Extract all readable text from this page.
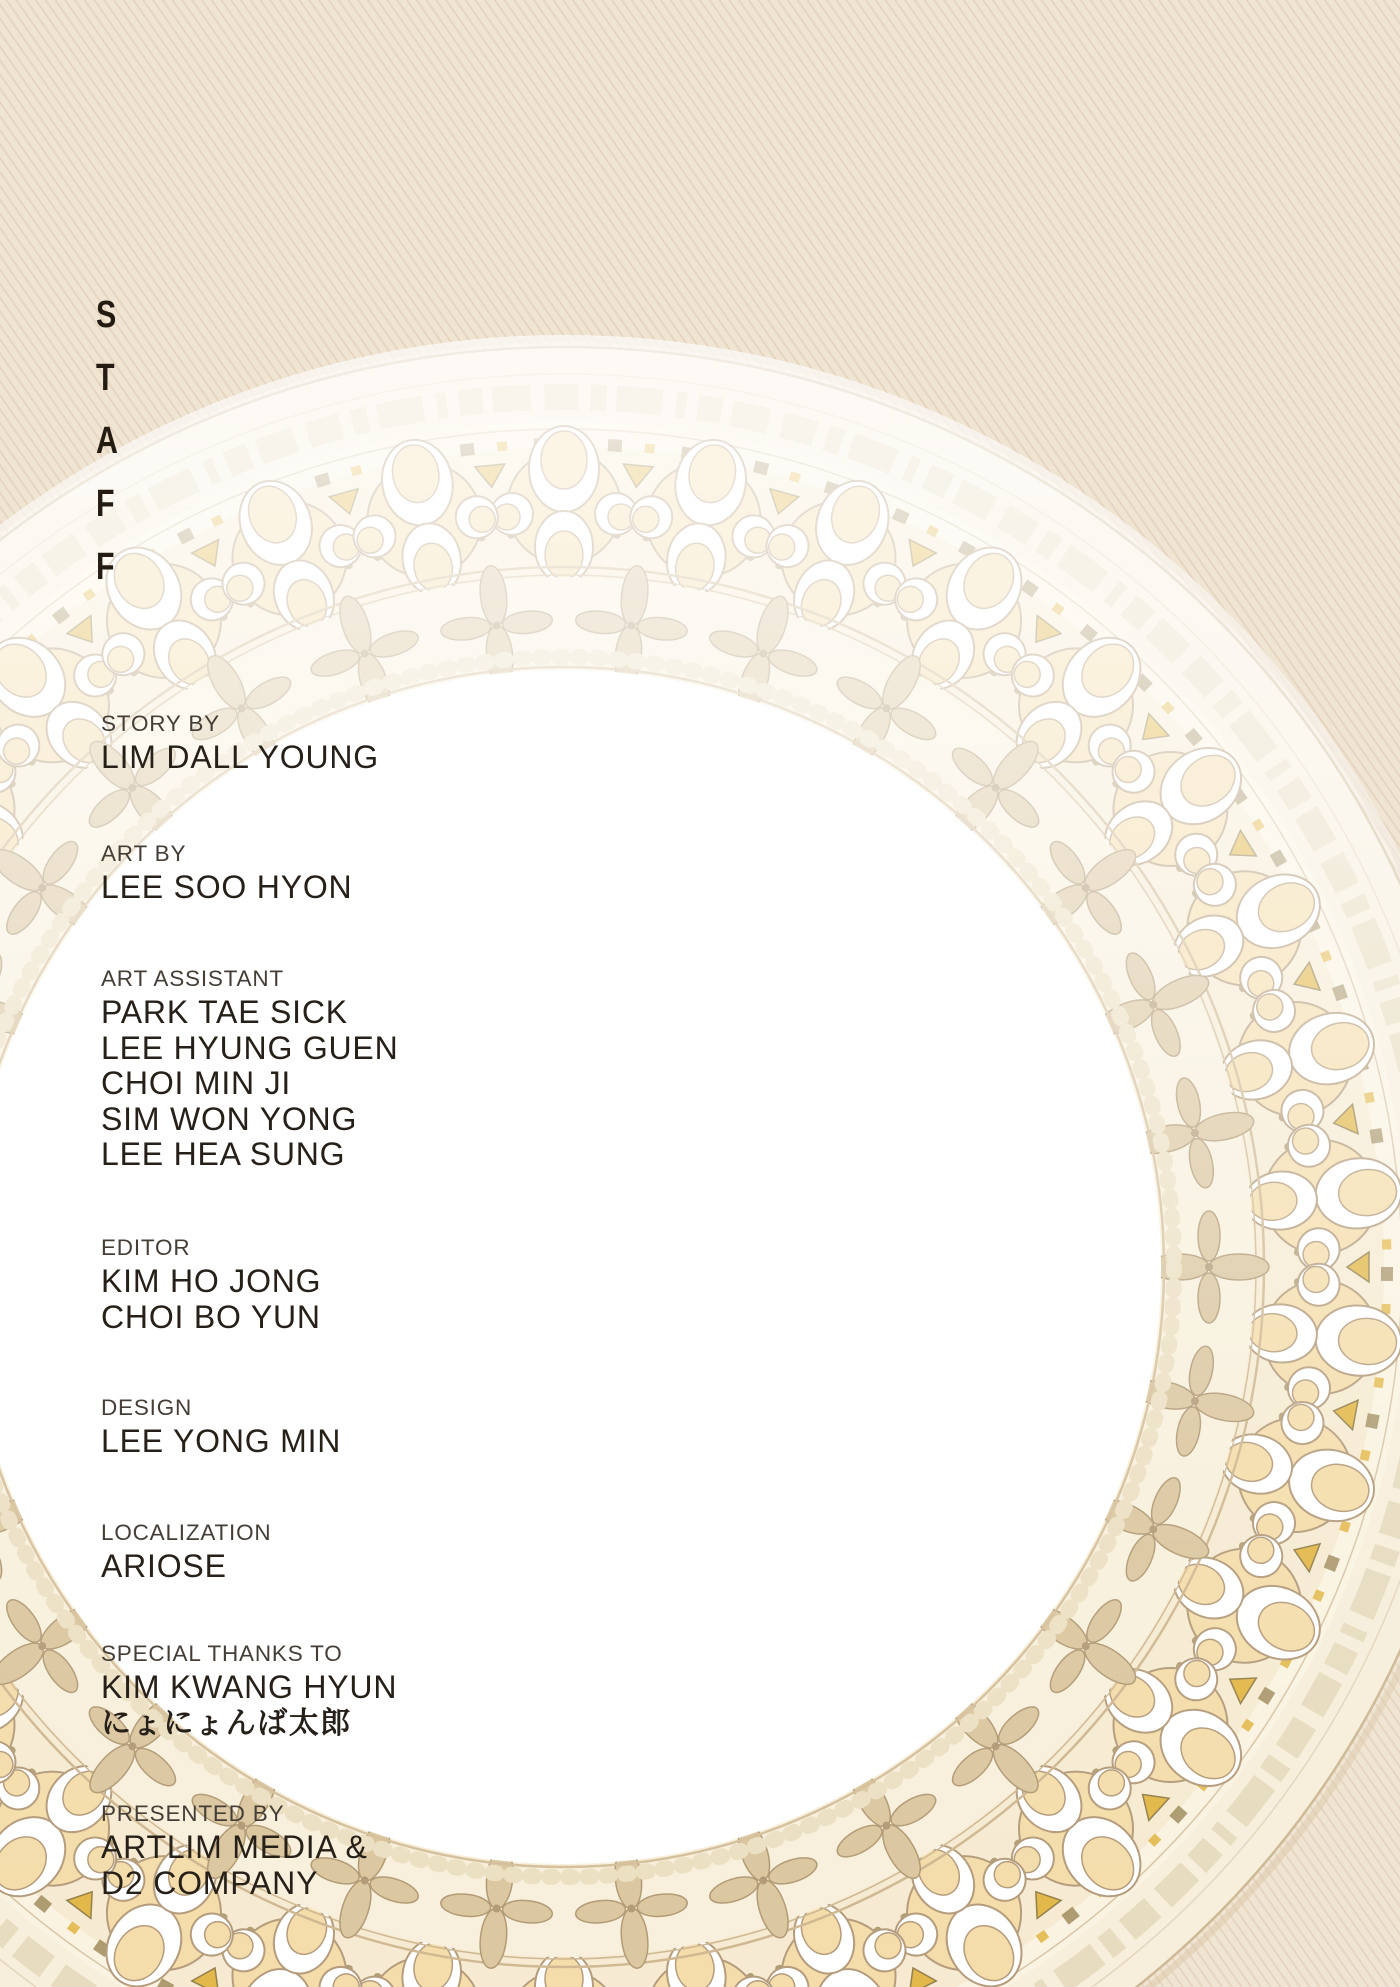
S
T
A
F
F
STORY BY
LIM DALL YOUNG
ART BY
LEE SOO HYON
ART ASSISTANT
PARK TAE SICK
LEE HYUNG GUEN
CHOI MIN JI
SIM WON YONG
LEE HEA SUNG
EDITOR
KIM HO JONG
CHOI BO YUN
DESIGN
LEE YONG MIN
LOCALIZATION
ARIOSE
SPECIAL THANKS TO
KIM KWANG HYUN
にょにょんば太郎
PRESENTED BY
ARTLIM MEDIA &
D2 COMPANY
